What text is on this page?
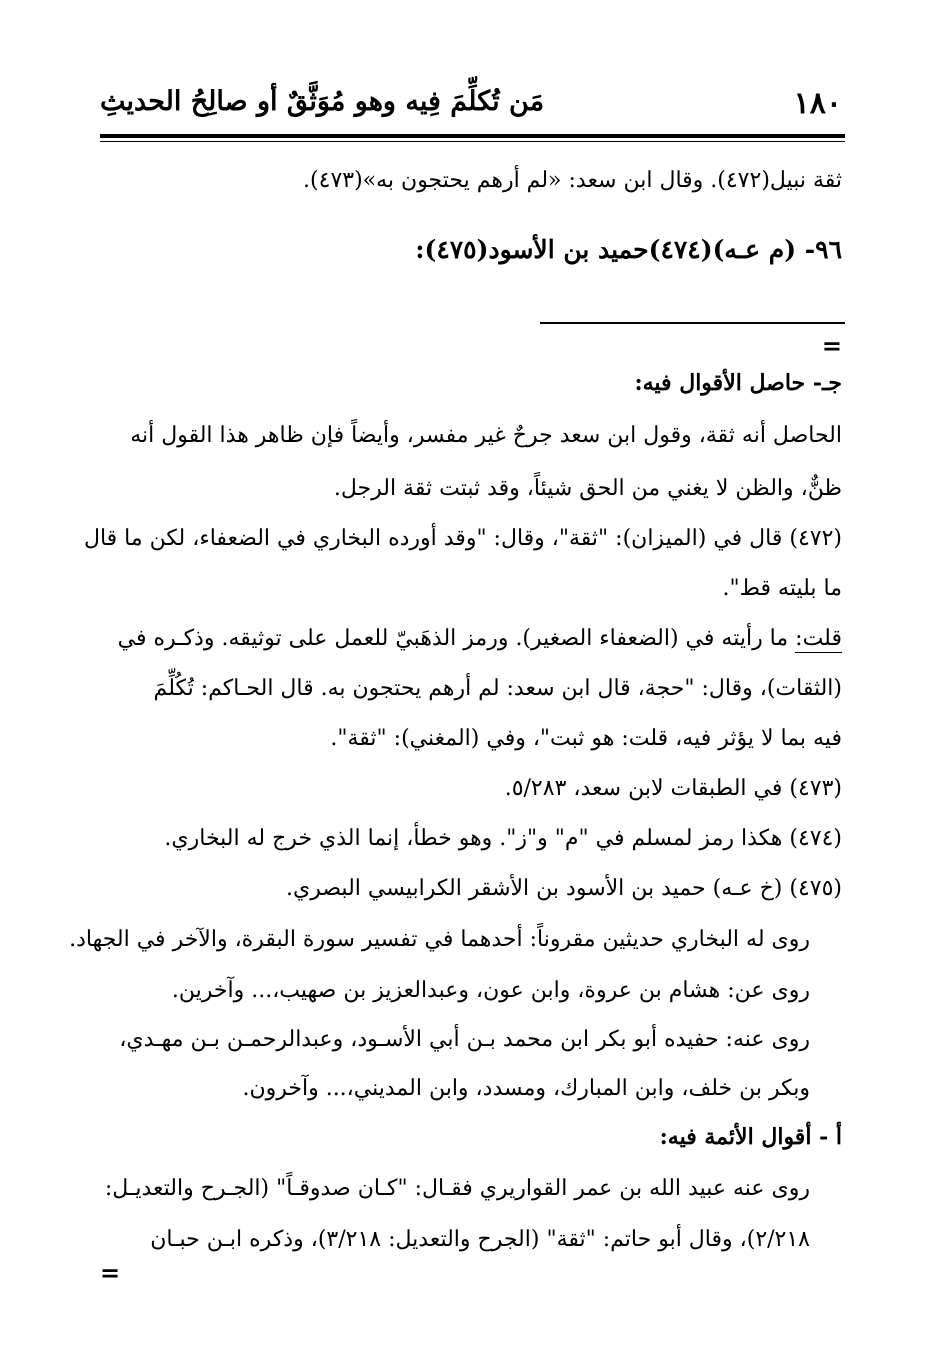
١٨٠
مَن تُكلِّمَ فِيه وهو مُوَثَّقٌ أو صالِحُ الحديثِ
ثقة نبيل(٤٧٢). وقال ابن سعد: «لم أرهم يحتجون به»(٤٧٣).
٩٦- (م عـه)(٤٧٤)حميد بن الأسود(٤٧٥):
=
جـ- حاصل الأقوال فيه:
الحاصل أنه ثقة، وقول ابن سعد جرحٌ غير مفسر، وأيضاً فإن ظاهر هذا القول أنه
ظنٌّ، والظن لا يغني من الحق شيئاً، وقد ثبتت ثقة الرجل.
(٤٧٢) قال في (الميزان): "ثقة"، وقال: "وقد أورده البخاري في الضعفاء، لكن ما قال
ما بليته قط".
قلت: ما رأيته في (الضعفاء الصغير). ورمز الذهَبيّ للعمل على توثيقه. وذكـره في
(الثقات)، وقال: "حجة، قال ابن سعد: لم أرهم يحتجون به. قال الحـاكم: تُكُلِّمَ
فيه بما لا يؤثر فيه، قلت: هو ثبت"، وفي (المغني): "ثقة".
(٤٧٣) في الطبقات لابن سعد، ٥/٢٨٣.
(٤٧٤) هكذا رمز لمسلم في "م" و"ز". وهو خطأ، إنما الذي خرج له البخاري.
(٤٧٥) (خ عـه) حميد بن الأسود بن الأشقر الكرابيسي البصري.
روى له البخاري حديثين مقروناً: أحدهما في تفسير سورة البقرة، والآخر في الجهاد.
روى عن: هشام بن عروة، وابن عون، وعبدالعزيز بن صهيب،... وآخرين.
روى عنه: حفيده أبو بكر ابن محمد بـن أبي الأسـود، وعبدالرحمـن بـن مهـدي،
وبكر بن خلف، وابن المبارك، ومسدد، وابن المديني،... وآخرون.
أ - أقوال الأئمة فيه:
روى عنه عبيد الله بن عمر القواريري فقـال: "كـان صدوقـاً" (الجـرح والتعديـل:
٢/٢١٨)، وقال أبو حاتم: "ثقة" (الجرح والتعديل: ٣/٢١٨)، وذكره ابـن حبـان
=
